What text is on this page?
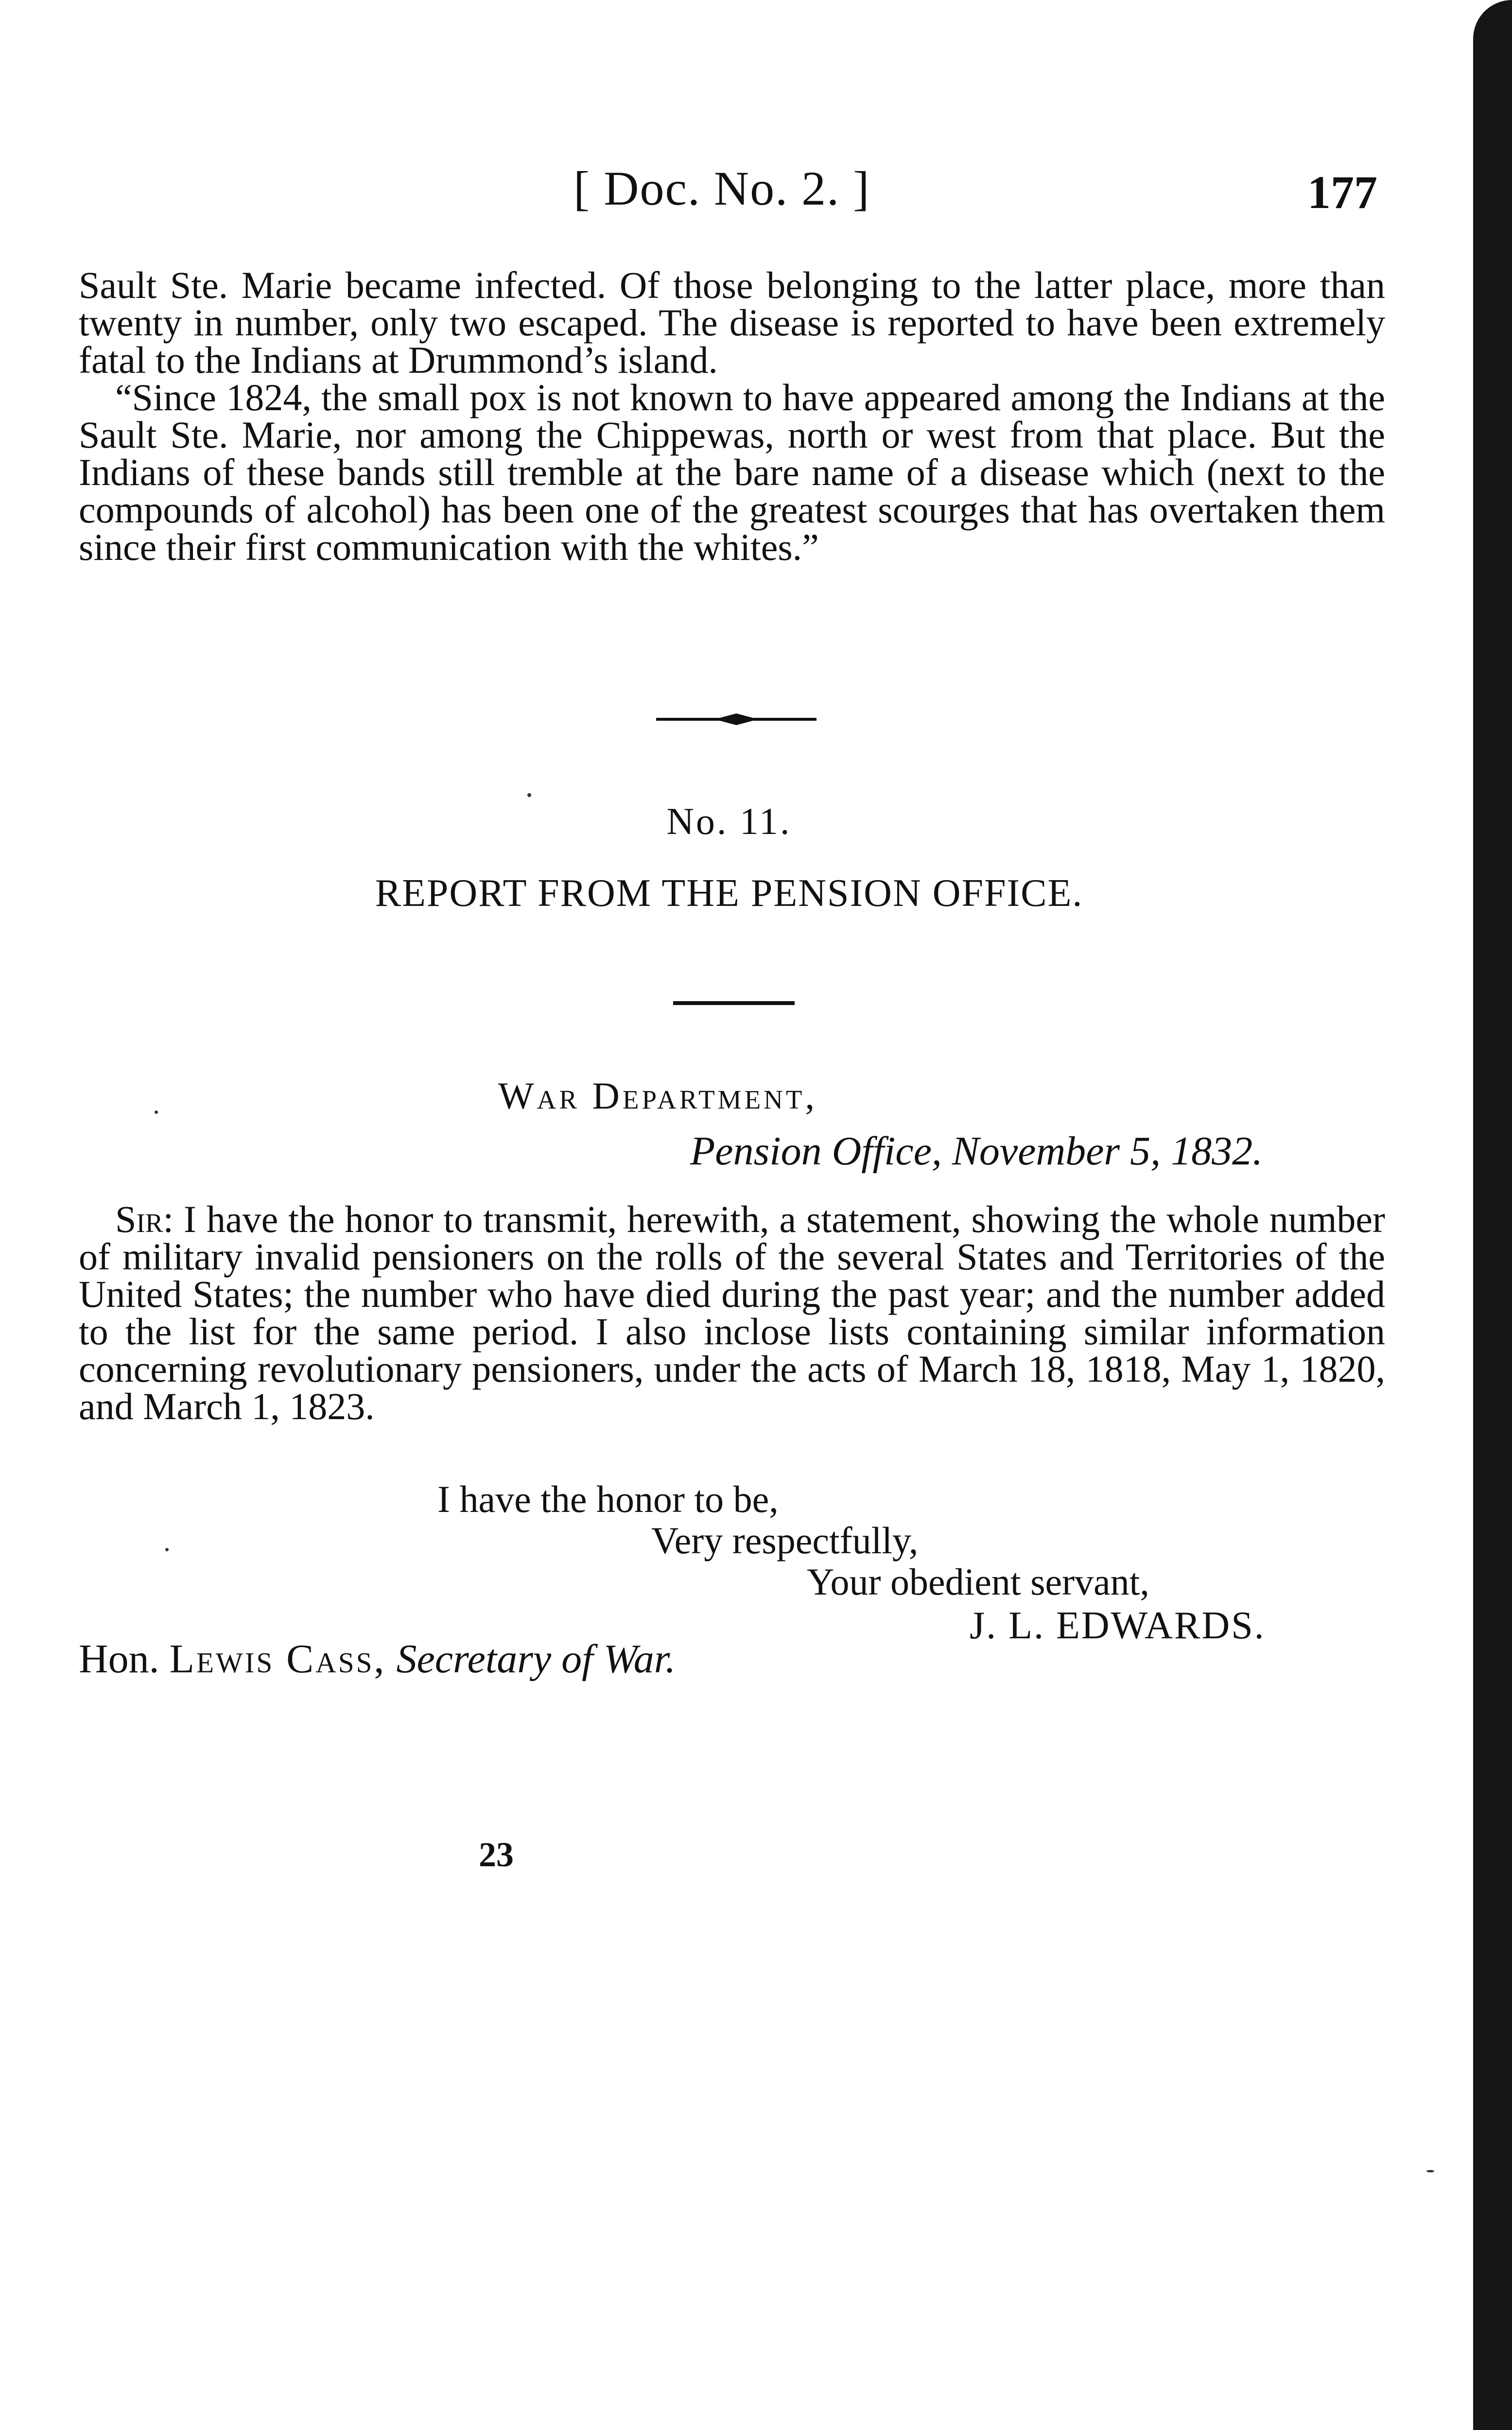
[ Doc. No. 2. ]	177

Sault Ste. Marie became infected. Of those belonging to the latter place, more than twenty in number, only two escaped. The disease is reported to have been extremely fatal to the Indians at Drummond’s island.

“Since 1824, the small pox is not known to have appeared among the Indians at the Sault Ste. Marie, nor among the Chippewas, north or west from that place. But the Indians of these bands still tremble at the bare name of a disease which (next to the compounds of alcohol) has been one of the greatest scourges that has overtaken them since their first communication with the whites.”

No. 11.
REPORT FROM THE PENSION OFFICE.
War Department,
Pension Office, November 5, 1832.

Sir: I have the honor to transmit, herewith, a statement, showing the whole number of military invalid pensioners on the rolls of the several States and Territories of the United States; the number who have died during the past year; and the number added to the list for the same period. I also inclose lists containing similar information concerning revolutionary pensioners, under the acts of March 18, 1818, May 1, 1820, and March 1, 1823.

I have the honor to be,
Very respectfully,
Your obedient servant,
J. L. EDWARDS.
Hon. Lewis Cass, Secretary of War.
23
